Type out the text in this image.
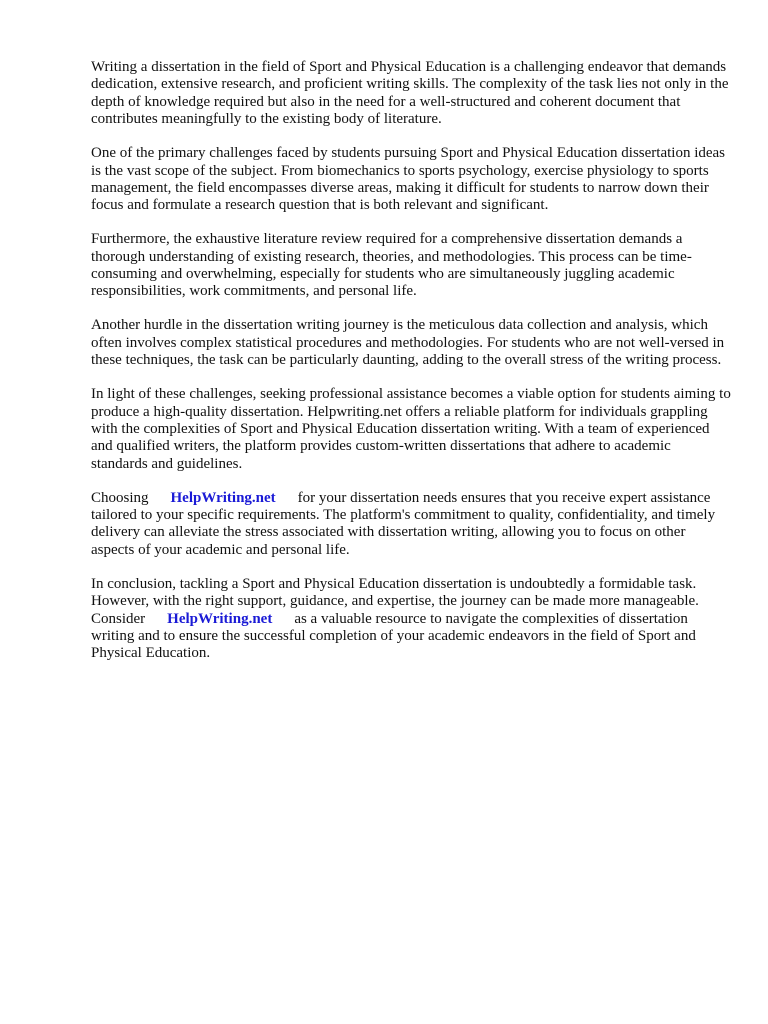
Writing a dissertation in the field of Sport and Physical Education is a challenging endeavor that demands dedication, extensive research, and proficient writing skills. The complexity of the task lies not only in the depth of knowledge required but also in the need for a well-structured and coherent document that contributes meaningfully to the existing body of literature.

One of the primary challenges faced by students pursuing Sport and Physical Education dissertation ideas is the vast scope of the subject. From biomechanics to sports psychology, exercise physiology to sports management, the field encompasses diverse areas, making it difficult for students to narrow down their focus and formulate a research question that is both relevant and significant.

Furthermore, the exhaustive literature review required for a comprehensive dissertation demands a thorough understanding of existing research, theories, and methodologies. This process can be time-consuming and overwhelming, especially for students who are simultaneously juggling academic responsibilities, work commitments, and personal life.

Another hurdle in the dissertation writing journey is the meticulous data collection and analysis, which often involves complex statistical procedures and methodologies. For students who are not well-versed in these techniques, the task can be particularly daunting, adding to the overall stress of the writing process.

In light of these challenges, seeking professional assistance becomes a viable option for students aiming to produce a high-quality dissertation. Helpwriting.net offers a reliable platform for individuals grappling with the complexities of Sport and Physical Education dissertation writing. With a team of experienced and qualified writers, the platform provides custom-written dissertations that adhere to academic standards and guidelines.

Choosing HelpWriting.net for your dissertation needs ensures that you receive expert assistance tailored to your specific requirements. The platform's commitment to quality, confidentiality, and timely delivery can alleviate the stress associated with dissertation writing, allowing you to focus on other aspects of your academic and personal life.

In conclusion, tackling a Sport and Physical Education dissertation is undoubtedly a formidable task. However, with the right support, guidance, and expertise, the journey can be made more manageable. Consider HelpWriting.net as a valuable resource to navigate the complexities of dissertation writing and to ensure the successful completion of your academic endeavors in the field of Sport and Physical Education.
